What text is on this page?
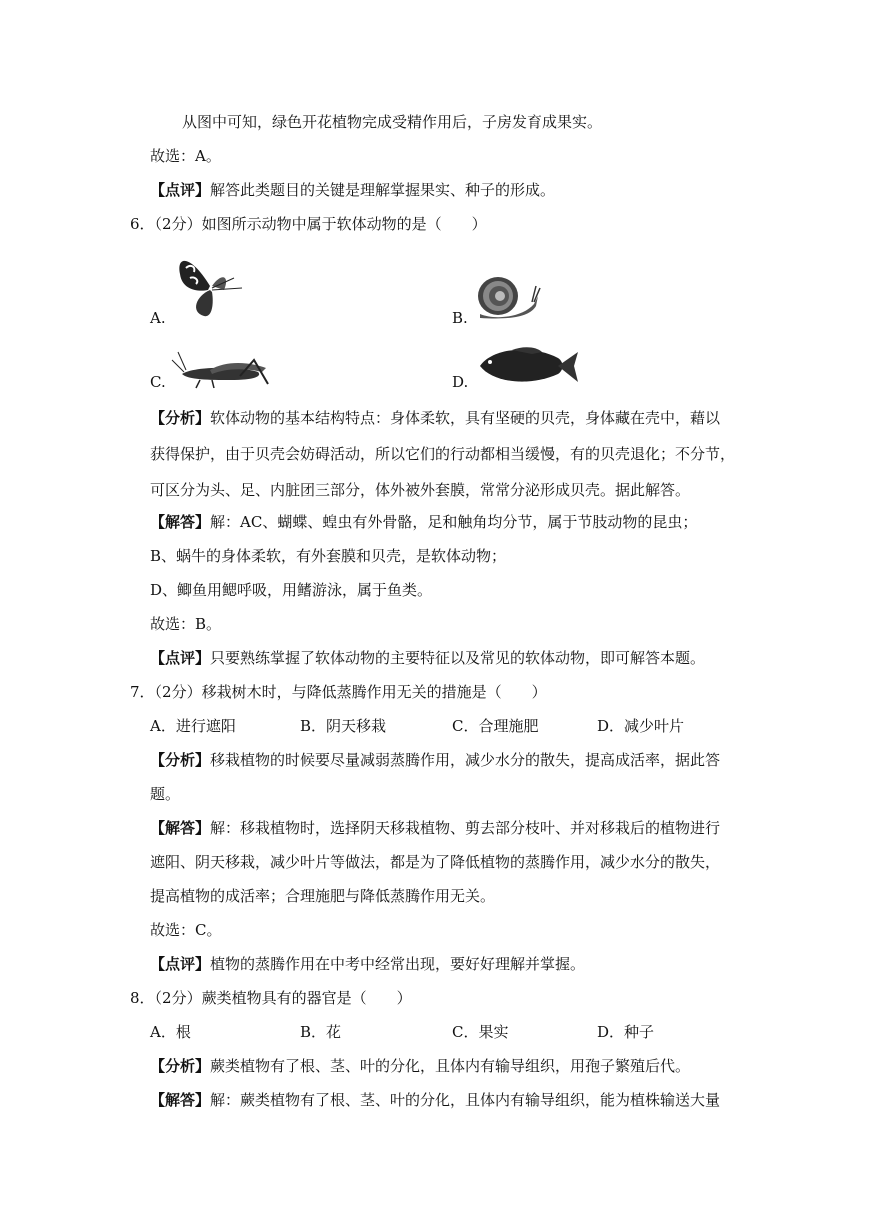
从图中可知，绿色开花植物完成受精作用后，子房发育成果实。
故选：A。
【点评】解答此类题目的关键是理解掌握果实、种子的形成。
6．（2分）如图所示动物中属于软体动物的是（　　）
A.	B.
C.	D.
【分析】软体动物的基本结构特点：身体柔软，具有坚硬的贝壳，身体藏在壳中，藉以
获得保护，由于贝壳会妨碍活动，所以它们的行动都相当缓慢，有的贝壳退化；不分节，
可区分为头、足、内脏团三部分，体外被外套膜，常常分泌形成贝壳。据此解答。
【解答】解：AC、蝴蝶、蝗虫有外骨骼，足和触角均分节，属于节肢动物的昆虫；
B、蜗牛的身体柔软，有外套膜和贝壳，是软体动物；
D、鲫鱼用鳃呼吸，用鳍游泳，属于鱼类。
故选：B。
【点评】只要熟练掌握了软体动物的主要特征以及常见的软体动物，即可解答本题。
7．（2分）移栽树木时，与降低蒸腾作用无关的措施是（　　）
A．进行遮阳	B．阴天移栽	C．合理施肥	D．减少叶片
【分析】移栽植物的时候要尽量减弱蒸腾作用，减少水分的散失，提高成活率，据此答
题。
【解答】解：移栽植物时，选择阴天移栽植物、剪去部分枝叶、并对移栽后的植物进行
遮阳、阴天移栽，减少叶片等做法，都是为了降低植物的蒸腾作用，减少水分的散失，
提高植物的成活率；合理施肥与降低蒸腾作用无关。
故选：C。
【点评】植物的蒸腾作用在中考中经常出现，要好好理解并掌握。
8．（2分）蕨类植物具有的器官是（　　）
A．根	B．花	C．果实	D．种子
【分析】蕨类植物有了根、茎、叶的分化，且体内有输导组织，用孢子繁殖后代。
【解答】解：蕨类植物有了根、茎、叶的分化，且体内有输导组织，能为植株输送大量
